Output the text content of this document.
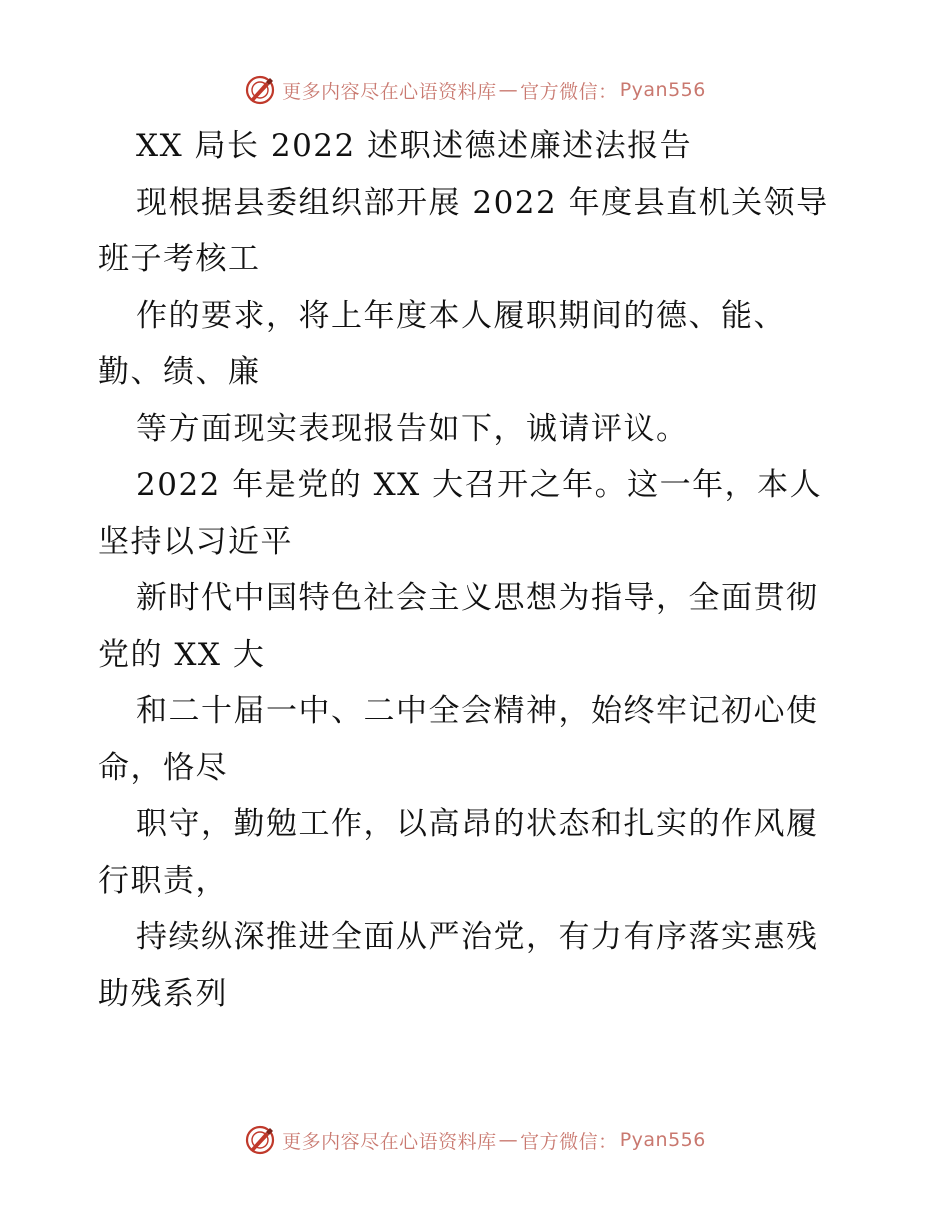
更多内容尽在心语资料库 — 官方微信： Pyan556
XX 局长 2022 述职述德述廉述法报告
现根据县委组织部开展 2022 年度县直机关领导
班子考核工
作的要求，将上年度本人履职期间的德、能、
勤、绩、廉
等方面现实表现报告如下，诚请评议。
2022 年是党的 XX 大召开之年。这一年，本人
坚持以习近平
新时代中国特色社会主义思想为指导，全面贯彻
党的 XX 大
和二十届一中、二中全会精神，始终牢记初心使
命，恪尽
职守，勤勉工作，以高昂的状态和扎实的作风履
行职责，
持续纵深推进全面从严治党，有力有序落实惠残
助残系列
更多内容尽在心语资料库 — 官方微信： Pyan556
